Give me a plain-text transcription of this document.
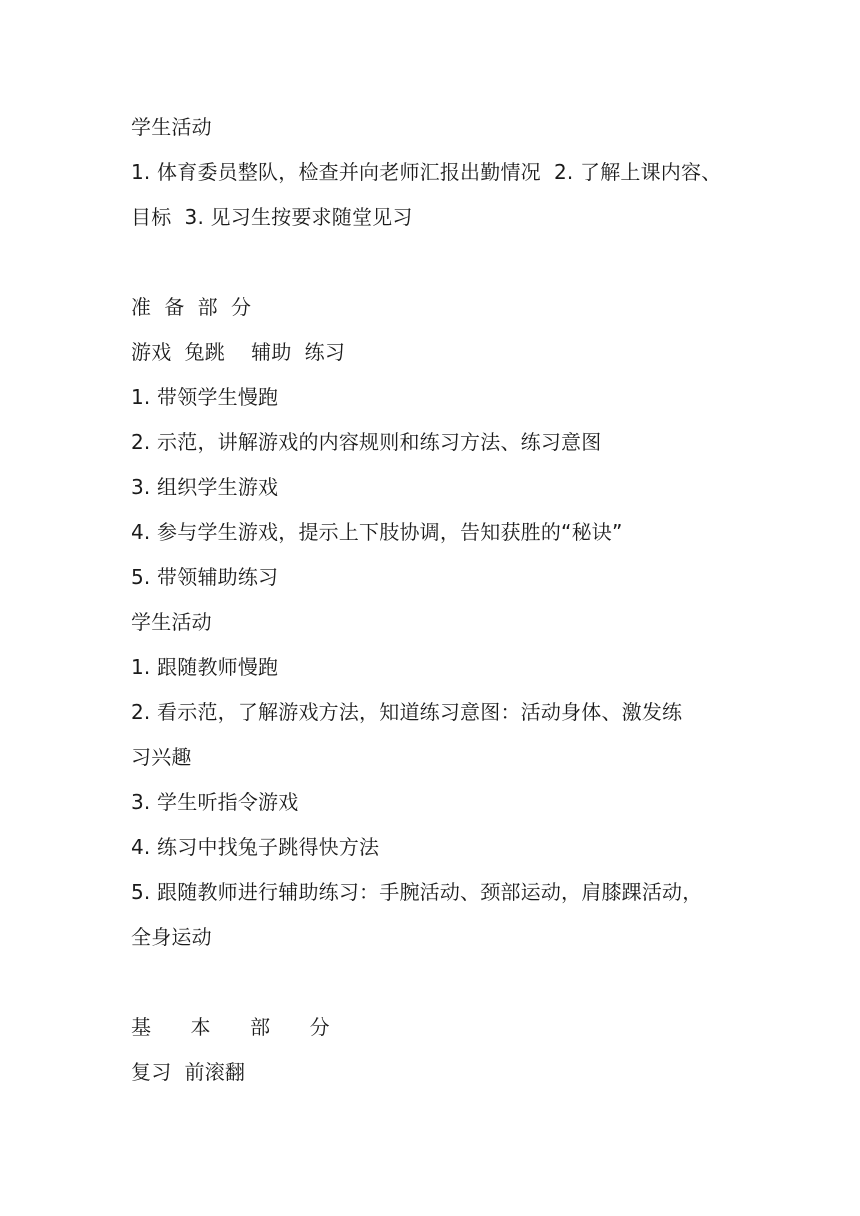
学生活动
1. 体育委员整队，检查并向老师汇报出勤情况  2. 了解上课内容、
目标  3. 见习生按要求随堂见习
准  备  部  分
游戏  兔跳    辅助  练习
1. 带领学生慢跑
2. 示范，讲解游戏的内容规则和练习方法、练习意图
3. 组织学生游戏
4. 参与学生游戏，提示上下肢协调，告知获胜的“秘诀”
5. 带领辅助练习
学生活动
1. 跟随教师慢跑
2. 看示范，了解游戏方法，知道练习意图：活动身体、激发练
习兴趣
3. 学生听指令游戏
4. 练习中找兔子跳得快方法
5. 跟随教师进行辅助练习：手腕活动、颈部运动，肩膝踝活动，
全身运动
基      本      部      分
复习  前滚翻
